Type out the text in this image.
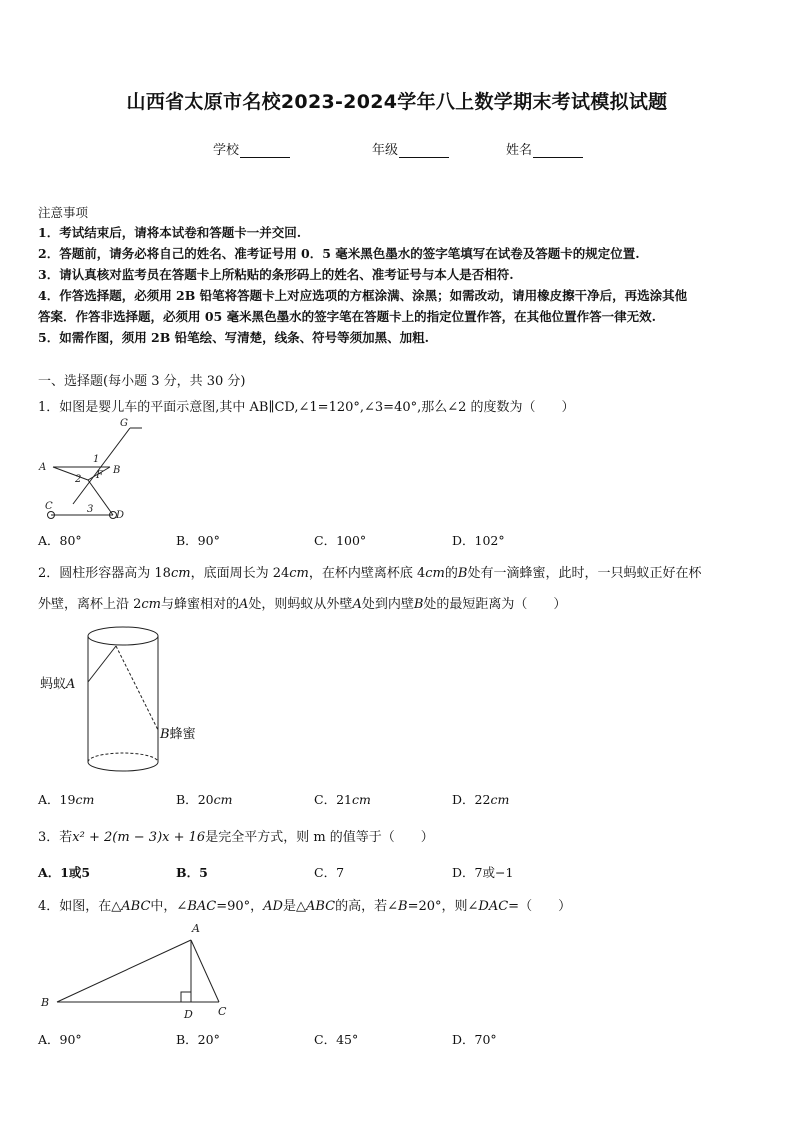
山西省太原市名校2023-2024学年八上数学期末考试模拟试题
学校	年级	姓名
注意事项
1．考试结束后，请将本试卷和答题卡一并交回.
2．答题前，请务必将自己的姓名、准考证号用 0．5 毫米黑色墨水的签字笔填写在试卷及答题卡的规定位置.
3．请认真核对监考员在答题卡上所粘贴的条形码上的姓名、准考证号与本人是否相符.
4．作答选择题，必须用 2B 铅笔将答题卡上对应选项的方框涂满、涂黑；如需改动，请用橡皮擦干净后，再选涂其他
答案．作答非选择题，必须用 05 毫米黑色墨水的签字笔在答题卡上的指定位置作答，在其他位置作答一律无效.
5．如需作图，须用 2B 铅笔绘、写清楚，线条、符号等须加黑、加粗.
一、选择题(每小题 3 分，共 30 分)
1．如图是婴儿车的平面示意图,其中 AB∥CD,∠1=120°,∠3=40°,那么∠2 的度数为（　　）
G
A	B
F
C
D
1
2
3
A．80°	B．90°	C．100°	D．102°
2．圆柱形容器高为 18cm，底面周长为 24cm，在杯内壁离杯底 4cm的B处有一滴蜂蜜，此时，一只蚂蚁正好在杯
外壁，离杯上沿 2cm与蜂蜜相对的A处，则蚂蚁从外壁A处到内壁B处的最短距离为（　　）
蚂蚁A
B蜂蜜
A．19cm	B．20cm	C．21cm	D．22cm
3．若x² + 2(m − 3)x + 16是完全平方式，则 m 的值等于（　　）
A．1或5	B．5	C．7	D．7或−1
4．如图，在△ABC中，∠BAC=90°，AD是△ABC的高，若∠B=20°，则∠DAC=（　　）
A
B
C
D
A．90°	B．20°	C．45°	D．70°
